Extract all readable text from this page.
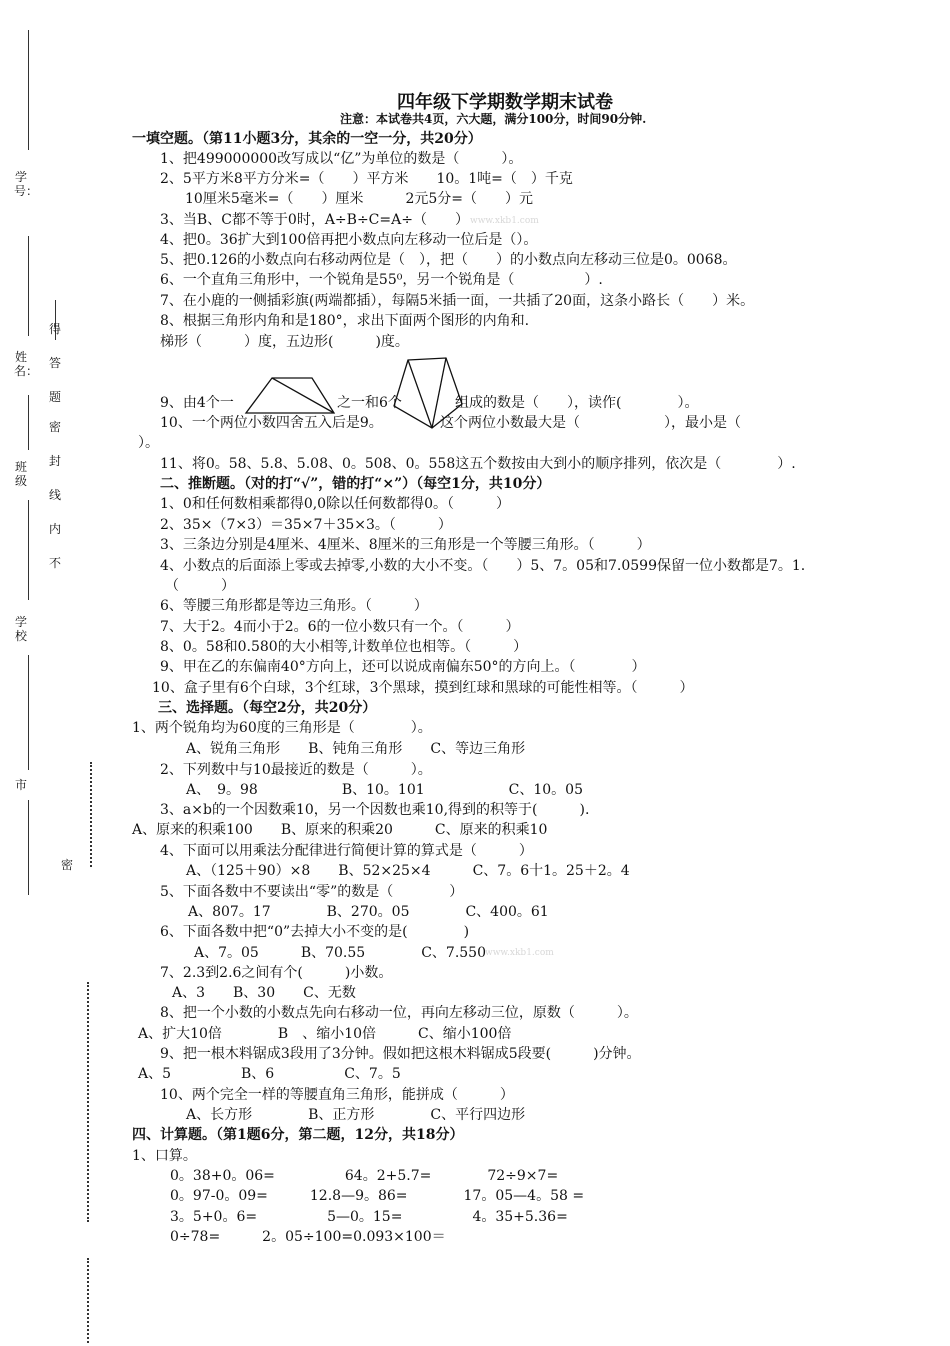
学号：
姓名：
班级
学校
市
密封线内不
得答题
密
四年级下学期数学期末试卷
注意：本试卷共4页，六大题，满分100分，时间90分钟.
一填空题。（第11小题3分，其余的一空一分，共20分）
1、把499000000改写成以“亿”为单位的数是（　　　）。
2、5平方米8平方分米=（　　）平方米　　10。1吨=（　）千克
10厘米5毫米=（　　）厘米　　　2元5分=（　　）元
3、当B、C都不等于0时，A÷B÷C=A÷（　　） www.xkb1.com
4、把0。36扩大到100倍再把小数点向左移动一位后是（）。
5、把0.126的小数点向右移动两位是（　），把（　　）的小数点向左移动三位是0。0068。
6、一个直角三角形中，一个锐角是55⁰，另一个锐角是（　　　　　）.
7、在小鹿的一侧插彩旗(两端都插），每隔5米插一面，一共插了20面，这条小路长（　　）米。
8、根据三角形内角和是180°，求出下面两个图形的内角和.
梯形（　　　）度，五边形(　　　)度。
9、由4个一	之一和6个	组成的数是（　　），读作(　　　　）。
10、一个两位小数四舍五入后是9。	这个两位小数最大是（　　　　　　），最小是（
）。
11、将0。58、5.8、5.08、0。508、0。558这五个数按由大到小的顺序排列，依次是（　　　　）.
二、推断题。（对的打“√”，错的打“×”）（每空1分，共10分）
1、0和任何数相乘都得0,0除以任何数都得0。（　　　）
2、35×（7×3）＝35×7＋35×3。（　　　）
3、三条边分别是4厘米、4厘米、8厘米的三角形是一个等腰三角形。（　　　）
4、小数点的后面添上零或去掉零,小数的大小不变。（　　）5、7。05和7.0599保留一位小数都是7。1.
（　　　）
6、等腰三角形都是等边三角形。（　　　）
7、大于2。4而小于2。6的一位小数只有一个。（　　　）
8、0。58和0.580的大小相等,计数单位也相等。（　　　）
9、甲在乙的东偏南40°方向上，还可以说成南偏东50°的方向上。（　　　　）
10、盒子里有6个白球，3个红球，3个黑球，摸到红球和黑球的可能性相等。（　　　）
三、选择题。（每空2分，共20分）
1、两个锐角均为60度的三角形是（　　　　）。
A、锐角三角形　　B、钝角三角形　　C、等边三角形
2、下列数中与10最接近的数是（　　　）。
A、　9。98　　　　　　B、10。101　　　　　　C、10。05
3、a×b的一个因数乘10，另一个因数也乘10,得到的积等于(　　　).
A、原来的积乘100　　B、原来的积乘20　　　C、原来的积乘10
4、下面可以用乘法分配律进行简便计算的算式是（　　　）
A、（125＋90）×8　　B、52×25×4　　　C、7。6十1。25＋2。4
5、下面各数中不要读出“零”的数是（　　　　）
A、807。17　　　　B、270。05　　　　C、400。61
6、下面各数中把“0”去掉大小不变的是(　　　　)
A、7。05　　　B、70.55　　　　C、7.550 www.xkb1.com
7、2.3到2.6之间有个(　　　)小数。
A、3　　B、30　　C、无数
8、把一个小数的小数点先向右移动一位，再向左移动三位，原数（　　　）。
A、扩大10倍　　　　B　、缩小10倍　　　C、缩小100倍
9、把一根木料锯成3段用了3分钟。假如把这根木料锯成5段要(　　　)分钟。
A、5　　　　　B、6　　　　　C、7。5
10、两个完全一样的等腰直角三角形，能拼成（　　　）
A、长方形　　　　B、正方形　　　　C、平行四边形
四、计算题。（第1题6分，第二题，12分，共18分）
1、口算。
0。38+0。06=　　　　　64。2+5.7=　　　　72÷9×7=
0。97-0。09=　　　12.8—9。86=　　　　17。05—4。58 =
3。5+0。6=　　　　　5—0。15=　　　　　4。35+5.36=
0÷78=　　　2。05÷100=0.093×100＝
